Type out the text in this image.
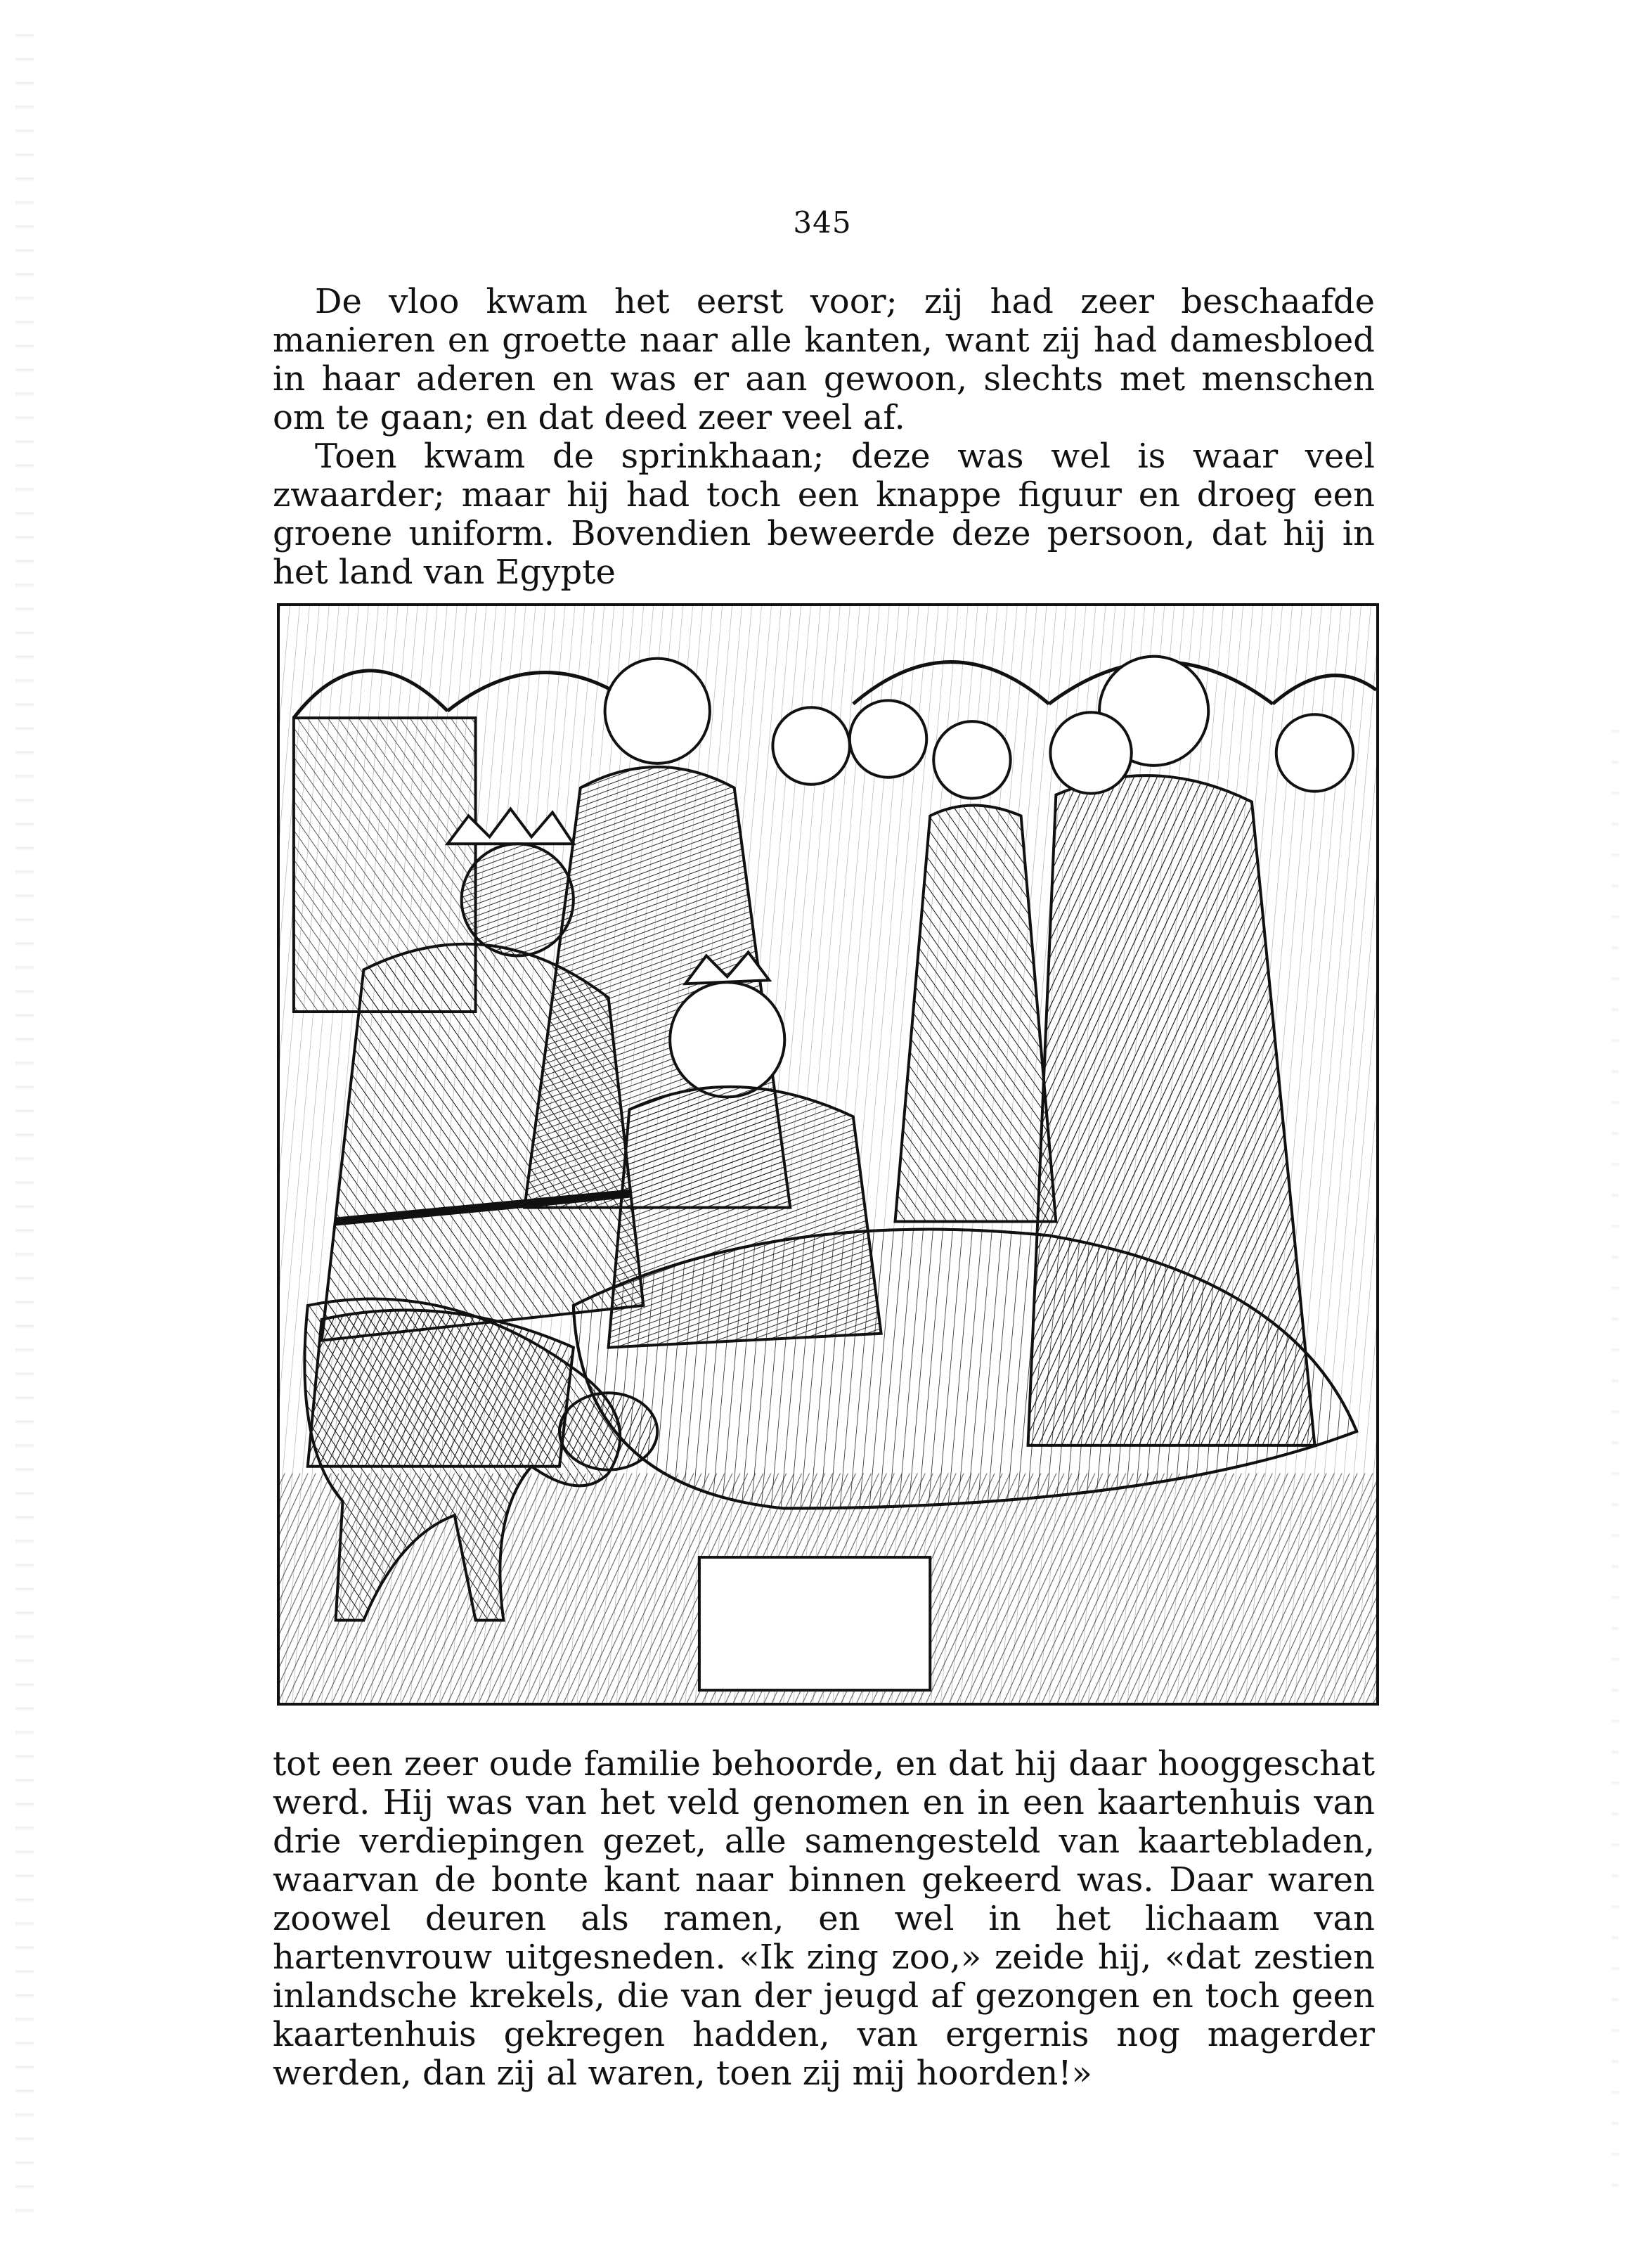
345

De vloo kwam het eerst voor; zij had zeer beschaafde manieren en groette naar alle kanten, want zij had damesbloed in haar aderen en was er aan gewoon, slechts met menschen om te gaan; en dat deed zeer veel af.

Toen kwam de sprinkhaan; deze was wel is waar veel zwaarder; maar hij had toch een knappe figuur en droeg een groene uniform. Bovendien beweerde deze persoon, dat hij in het land van Egypte

tot een zeer oude familie behoorde, en dat hij daar hooggeschat werd. Hij was van het veld genomen en in een kaartenhuis van drie verdiepingen gezet, alle samengesteld van kaartebladen, waarvan de bonte kant naar binnen gekeerd was. Daar waren zoowel deuren als ramen, en wel in het lichaam van hartenvrouw uitgesneden. «Ik zing zoo,» zeide hij, «dat zestien inlandsche krekels, die van der jeugd af gezongen en toch geen kaartenhuis gekregen hadden, van ergernis nog magerder werden, dan zij al waren, toen zij mij hoorden!»
